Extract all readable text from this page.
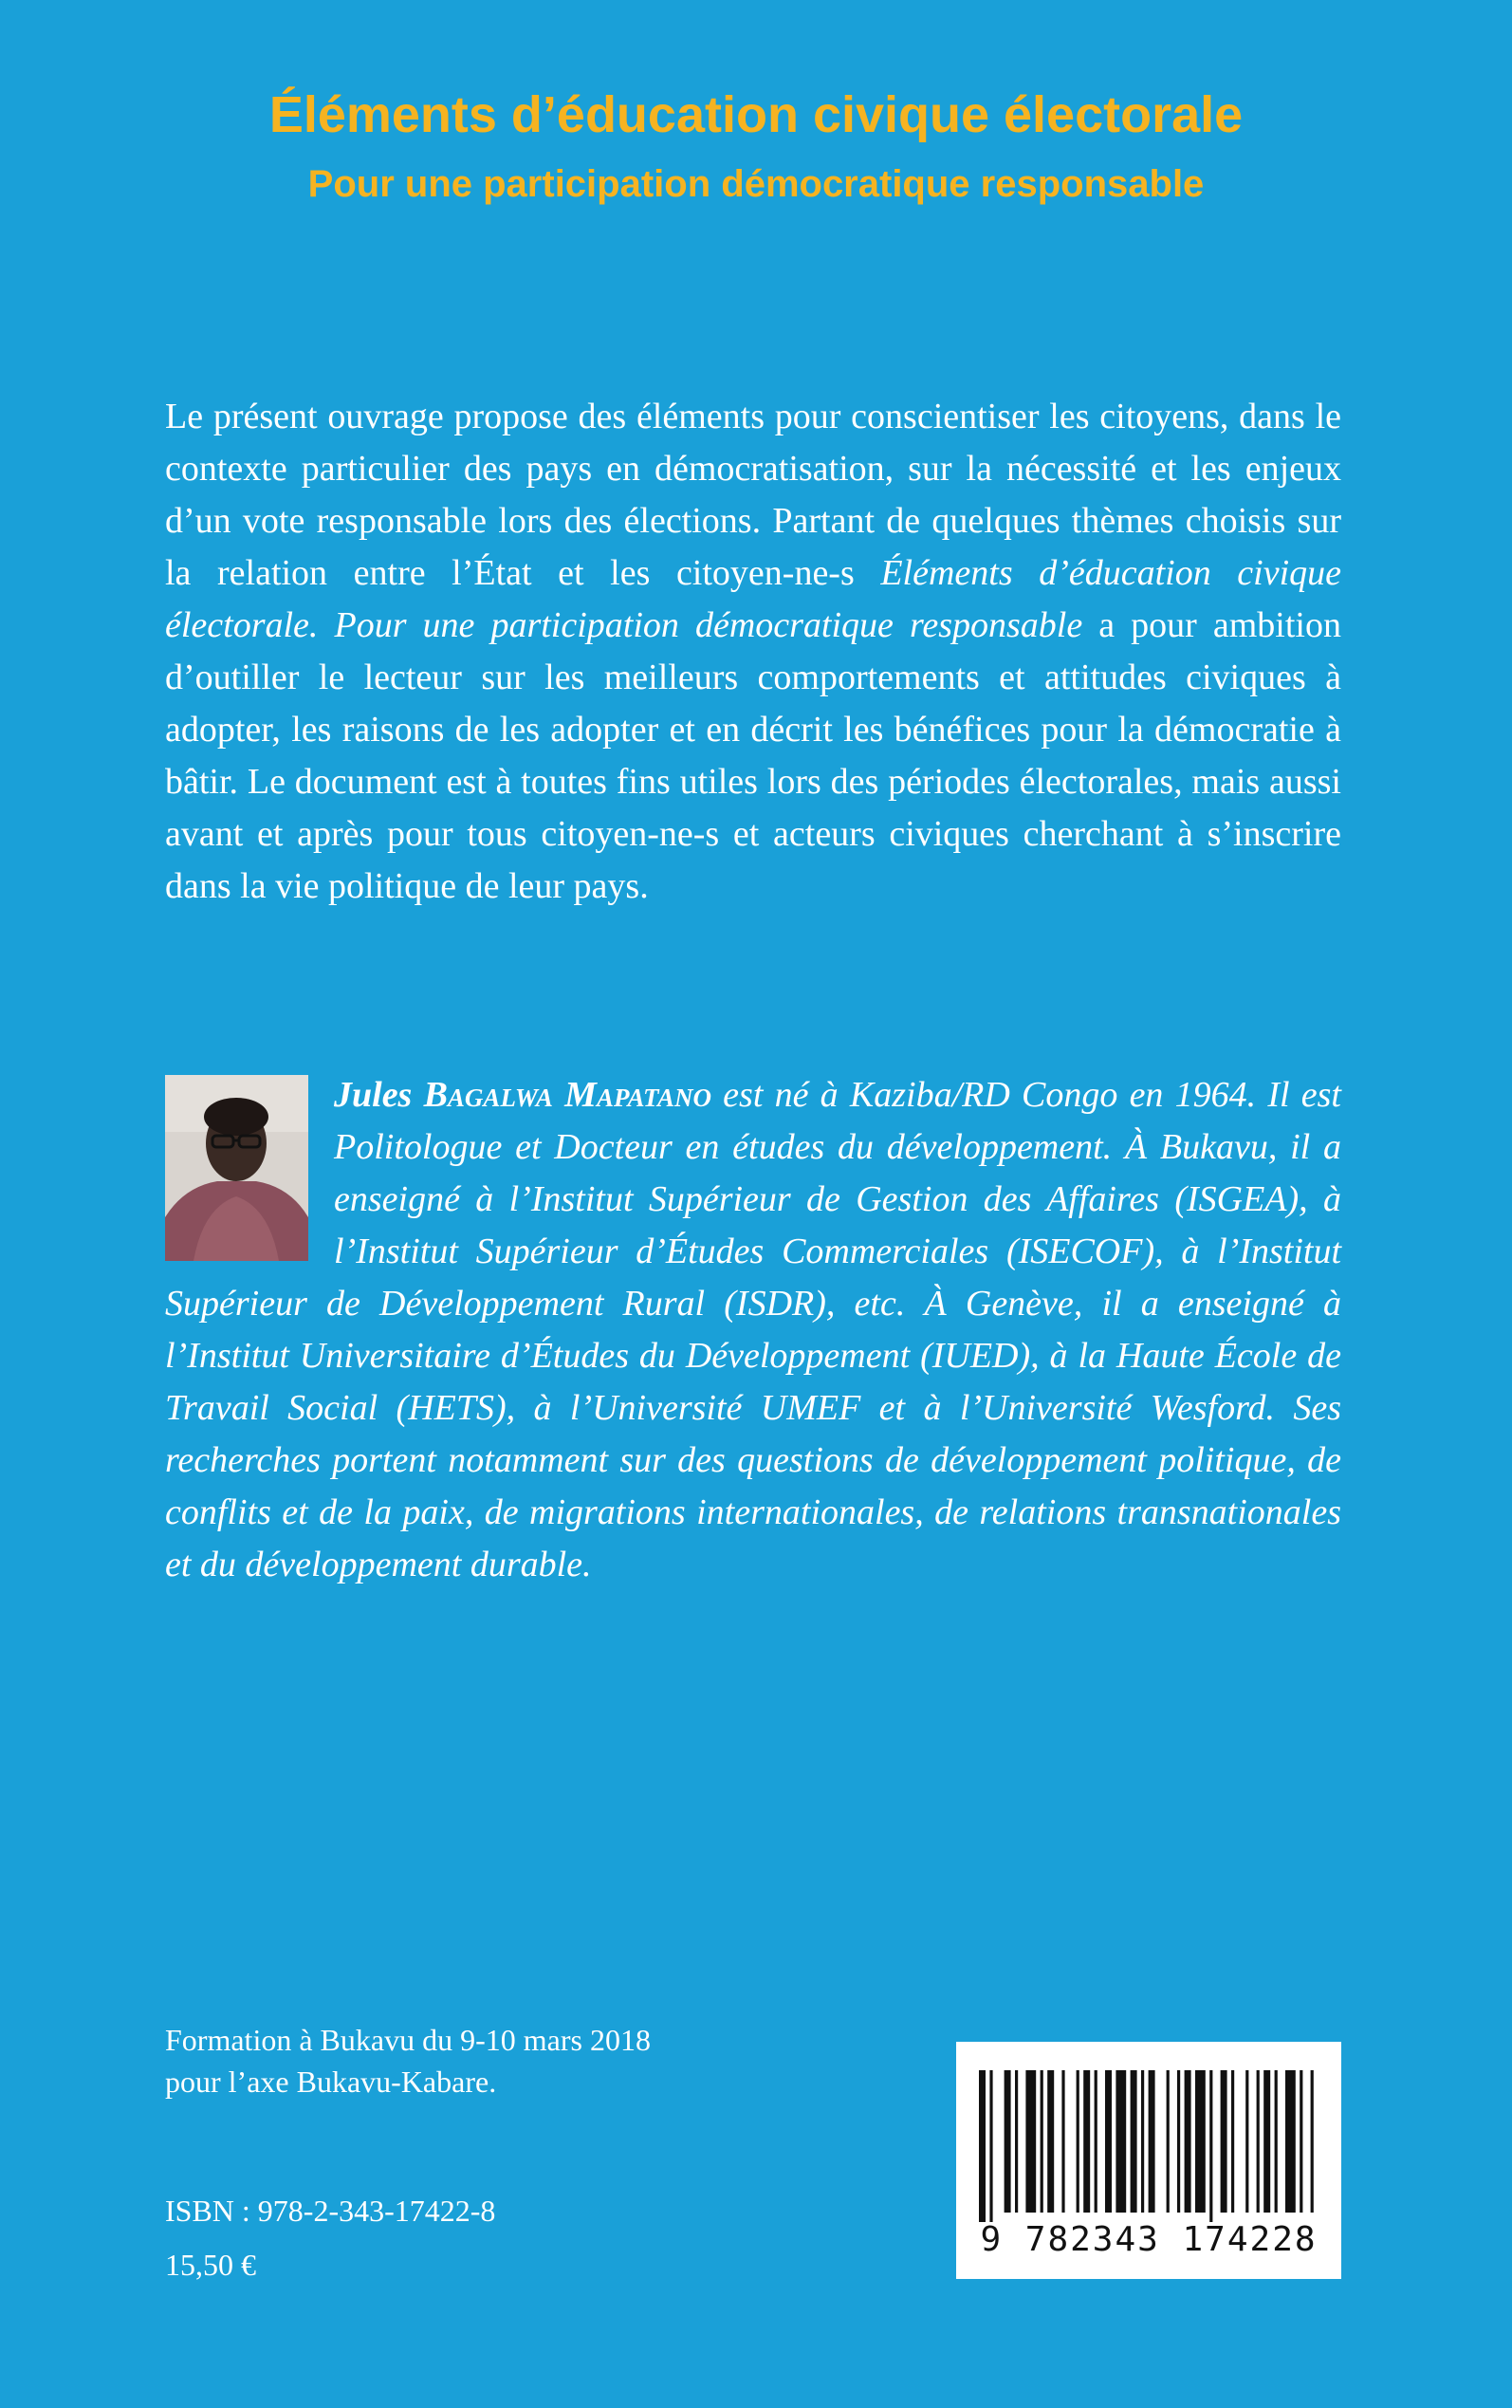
Éléments d’éducation civique électorale
Pour une participation démocratique responsable
Le présent ouvrage propose des éléments pour conscientiser les citoyens, dans le contexte particulier des pays en démocratisation, sur la nécessité et les enjeux d’un vote responsable lors des élections. Partant de quelques thèmes choisis sur la relation entre l’État et les citoyen-ne-s Éléments d’éducation civique électorale. Pour une participation démocratique responsable a pour ambition d’outiller le lecteur sur les meilleurs comportements et attitudes civiques à adopter, les raisons de les adopter et en décrit les bénéfices pour la démocratie à bâtir. Le document est à toutes fins utiles lors des périodes électorales, mais aussi avant et après pour tous citoyen-ne-s et acteurs civiques cherchant à s’inscrire dans la vie politique de leur pays.
Jules Bagalwa Mapatano est né à Kaziba/RD Congo en 1964. Il est Politologue et Docteur en études du développement. À Bukavu, il a enseigné à l’Institut Supérieur de Gestion des Affaires (ISGEA), à l’Institut Supérieur d’Études Commerciales (ISECOF), à l’Institut Supérieur de Développement Rural (ISDR), etc. À Genève, il a enseigné à l’Institut Universitaire d’Études du Développement (IUED), à la Haute École de Travail Social (HETS), à l’Université UMEF et à l’Université Wesford. Ses recherches portent notamment sur des questions de développement politique, de conflits et de la paix, de migrations internationales, de relations transnationales et du développement durable.
Formation à Bukavu du 9-10 mars 2018
pour l’axe Bukavu-Kabare.
ISBN : 978-2-343-17422-8
15,50 €
9 782343 174228
